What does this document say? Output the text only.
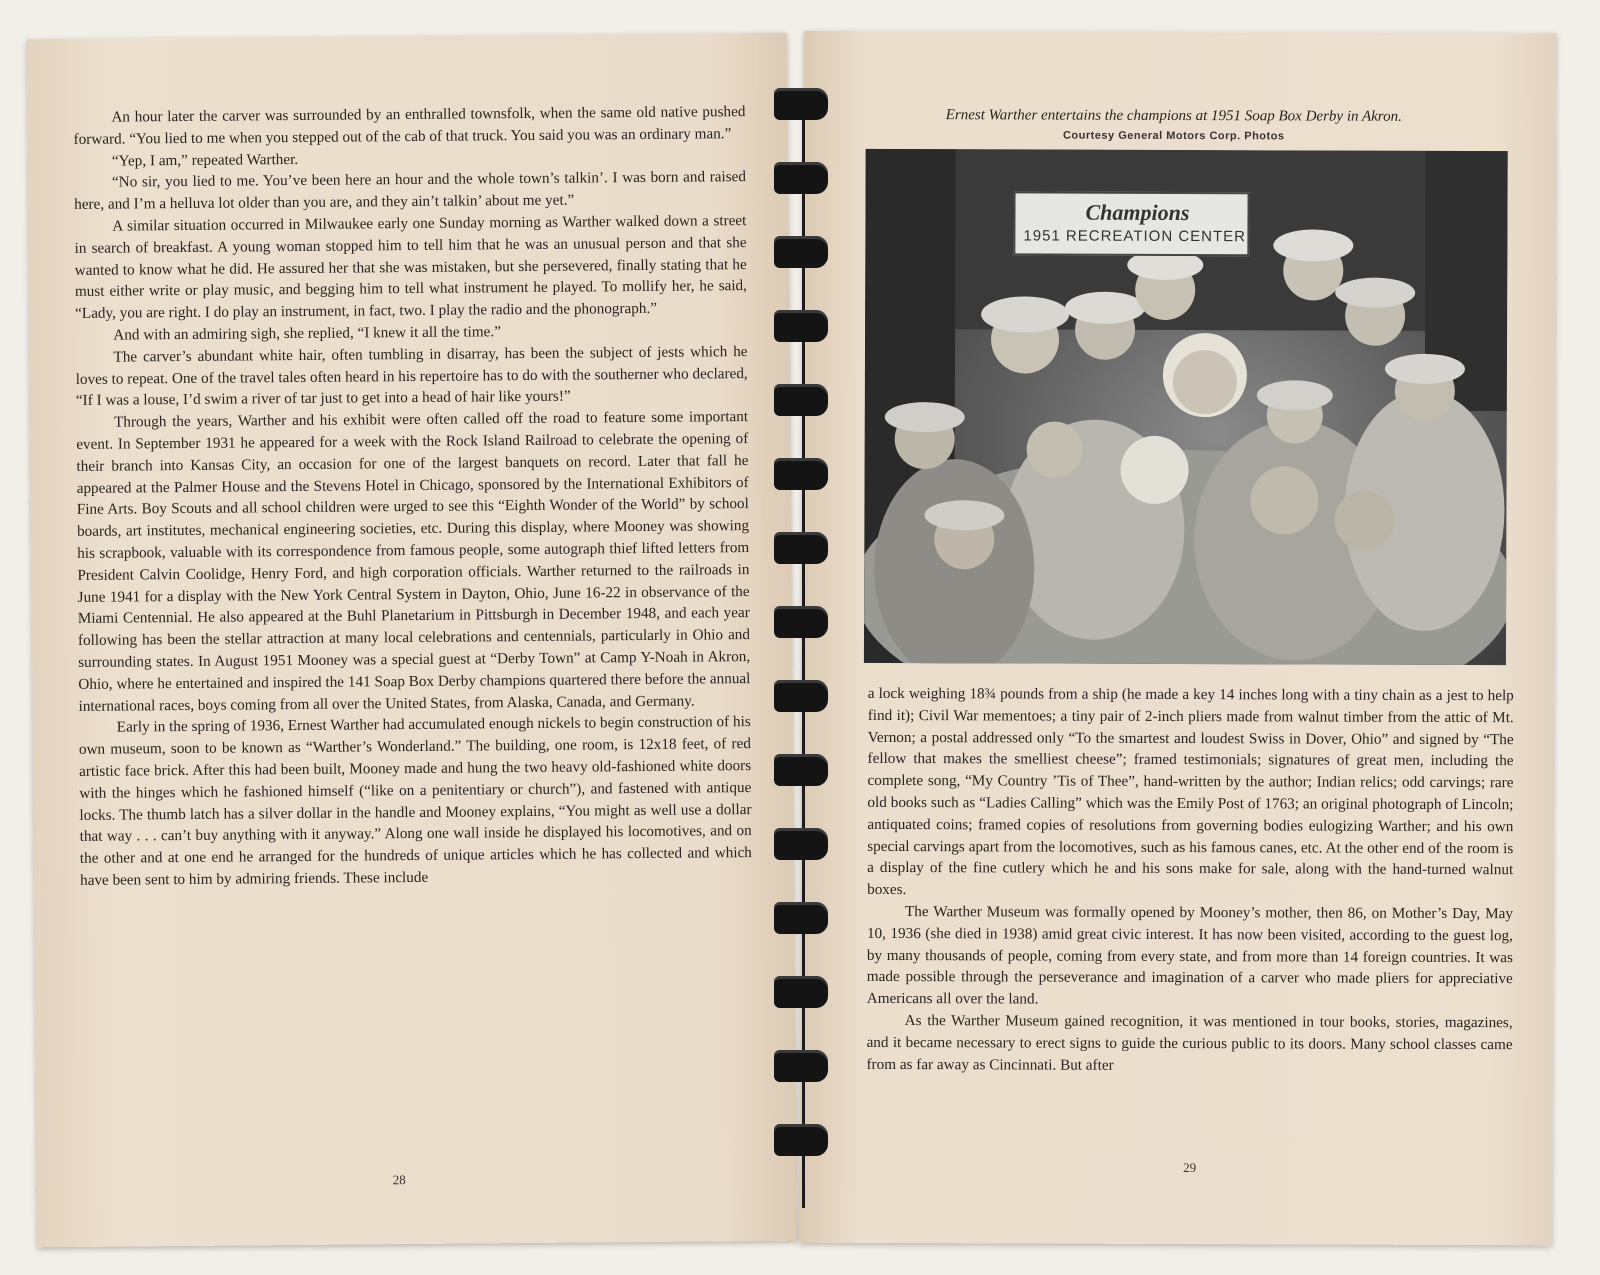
An hour later the carver was surrounded by an enthralled townsfolk, when the same old native pushed forward. “You lied to me when you stepped out of the cab of that truck. You said you was an ordinary man.”

“Yep, I am,” repeated Warther.

“No sir, you lied to me. You’ve been here an hour and the whole town’s talkin’. I was born and raised here, and I’m a helluva lot older than you are, and they ain’t talkin’ about me yet.”

A similar situation occurred in Milwaukee early one Sunday morning as Warther walked down a street in search of breakfast. A young woman stopped him to tell him that he was an unusual person and that she wanted to know what he did. He assured her that she was mistaken, but she persevered, finally stating that he must either write or play music, and begging him to tell what instrument he played. To mollify her, he said, “Lady, you are right. I do play an instrument, in fact, two. I play the radio and the phonograph.”

And with an admiring sigh, she replied, “I knew it all the time.”

The carver’s abundant white hair, often tumbling in disarray, has been the subject of jests which he loves to repeat. One of the travel tales often heard in his repertoire has to do with the southerner who declared, “If I was a louse, I’d swim a river of tar just to get into a head of hair like yours!”

Through the years, Warther and his exhibit were often called off the road to feature some important event. In September 1931 he appeared for a week with the Rock Island Railroad to celebrate the opening of their branch into Kansas City, an occasion for one of the largest banquets on record. Later that fall he appeared at the Palmer House and the Stevens Hotel in Chicago, sponsored by the International Exhibitors of Fine Arts. Boy Scouts and all school children were urged to see this “Eighth Wonder of the World” by school boards, art institutes, mechanical engineering societies, etc. During this display, where Mooney was showing his scrapbook, valuable with its correspondence from famous people, some autograph thief lifted letters from President Calvin Coolidge, Henry Ford, and high corporation officials. Warther returned to the railroads in June 1941 for a display with the New York Central System in Dayton, Ohio, June 16-22 in observance of the Miami Centennial. He also appeared at the Buhl Planetarium in Pittsburgh in December 1948, and each year following has been the stellar attraction at many local celebrations and centennials, particularly in Ohio and surrounding states. In August 1951 Mooney was a special guest at “Derby Town” at Camp Y-Noah in Akron, Ohio, where he entertained and inspired the 141 Soap Box Derby champions quartered there before the annual international races, boys coming from all over the United States, from Alaska, Canada, and Germany.

Early in the spring of 1936, Ernest Warther had accumulated enough nickels to begin construction of his own museum, soon to be known as “Warther’s Wonderland.” The building, one room, is 12x18 feet, of red artistic face brick. After this had been built, Mooney made and hung the two heavy old-fashioned white doors with the hinges which he fashioned himself (“like on a penitentiary or church”), and fastened with antique locks. The thumb latch has a silver dollar in the handle and Mooney explains, “You might as well use a dollar that way . . . can’t buy anything with it anyway.” Along one wall inside he displayed his locomotives, and on the other and at one end he arranged for the hundreds of unique articles which he has collected and which have been sent to him by admiring friends. These include

28
Ernest Warther entertains the champions at 1951 Soap Box Derby in Akron.
Courtesy General Motors Corp. Photos
Champions
1951 RECREATION CENTER

a lock weighing 18¾ pounds from a ship (he made a key 14 inches long with a tiny chain as a jest to help find it); Civil War mementoes; a tiny pair of 2-inch pliers made from walnut timber from the attic of Mt. Vernon; a postal addressed only “To the smartest and loudest Swiss in Dover, Ohio” and signed by “The fellow that makes the smelliest cheese”; framed testimonials; signatures of great men, including the complete song, “My Country ’Tis of Thee”, hand-written by the author; Indian relics; odd carvings; rare old books such as “Ladies Calling” which was the Emily Post of 1763; an original photograph of Lincoln; antiquated coins; framed copies of resolutions from governing bodies eulogizing Warther; and his own special carvings apart from the locomotives, such as his famous canes, etc. At the other end of the room is a display of the fine cutlery which he and his sons make for sale, along with the hand-turned walnut boxes.

The Warther Museum was formally opened by Mooney’s mother, then 86, on Mother’s Day, May 10, 1936 (she died in 1938) amid great civic interest. It has now been visited, according to the guest log, by many thousands of people, coming from every state, and from more than 14 foreign countries. It was made possible through the perseverance and imagination of a carver who made pliers for appreciative Americans all over the land.

As the Warther Museum gained recognition, it was mentioned in tour books, stories, magazines, and it became necessary to erect signs to guide the curious public to its doors. Many school classes came from as far away as Cincinnati. But after

29
